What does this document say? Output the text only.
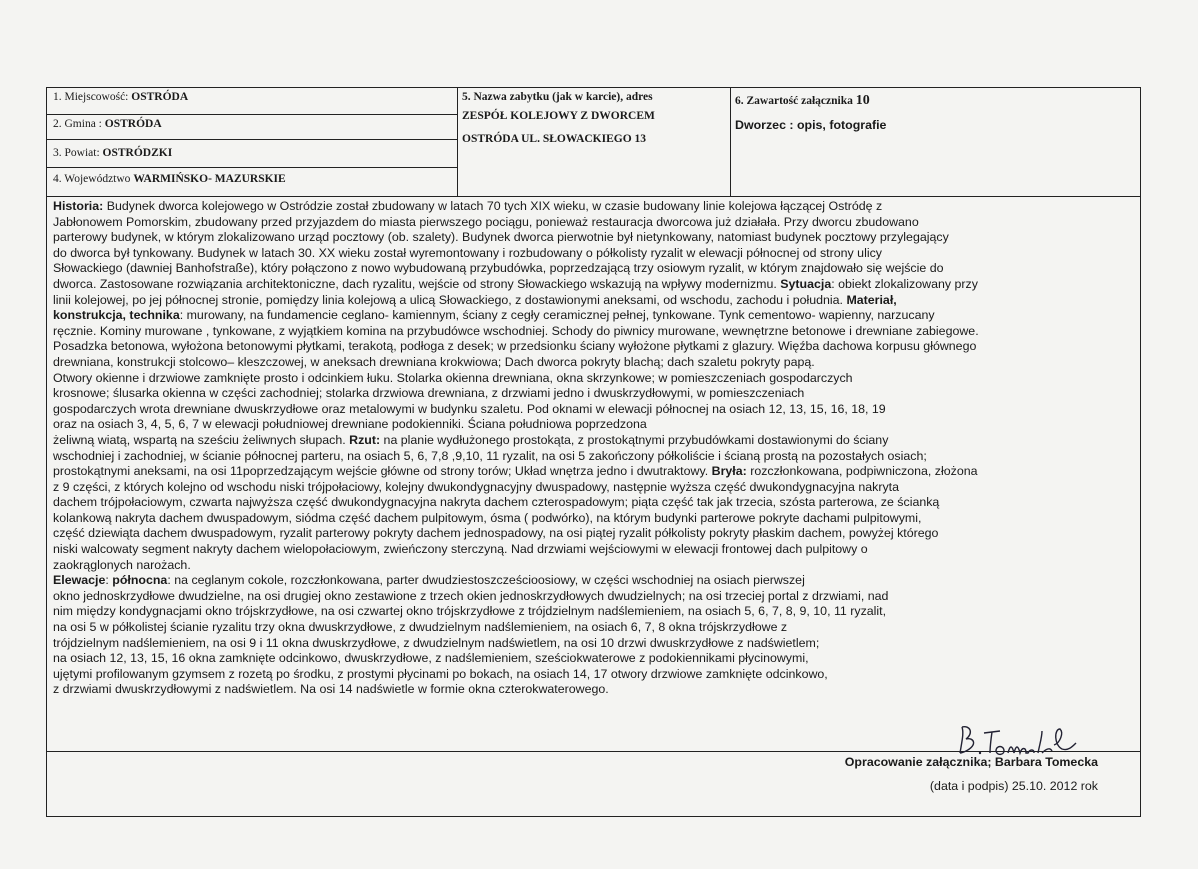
1. Miejscowość: OSTRÓDA
2. Gmina : OSTRÓDA
3. Powiat: OSTRÓDZKI
4. Województwo WARMIŃSKO- MAZURSKIE
5. Nazwa zabytku (jak w karcie), adres
ZESPÓŁ KOLEJOWY Z DWORCEM
OSTRÓDA UL. SŁOWACKIEGO 13
6. Zawartość załącznika 10
Dworzec : opis, fotografie

Historia: Budynek dworca kolejowego w Ostródzie został zbudowany w latach 70 tych XIX wieku, w czasie budowany linie kolejowa łączącej Ostródę z

Jabłonowem Pomorskim, zbudowany przed przyjazdem do miasta pierwszego pociągu, ponieważ restauracja dworcowa już działała. Przy dworcu zbudowano

parterowy budynek, w którym zlokalizowano urząd pocztowy (ob. szalety). Budynek dworca pierwotnie był nietynkowany, natomiast budynek pocztowy przylegający

do dworca był tynkowany. Budynek w latach 30. XX wieku został wyremontowany i rozbudowany o półkolisty ryzalit w elewacji północnej od strony ulicy

Słowackiego (dawniej Banhofstraße), który połączono z nowo wybudowaną przybudówka, poprzedzającą trzy osiowym ryzalit, w którym znajdowało się wejście do

dworca. Zastosowane rozwiązania architektoniczne, dach ryzalitu, wejście od strony Słowackiego wskazują na wpływy modernizmu. Sytuacja: obiekt zlokalizowany przy

linii kolejowej, po jej północnej stronie, pomiędzy linia kolejową a ulicą Słowackiego, z dostawionymi aneksami, od wschodu, zachodu i południa. Materiał,

konstrukcja, technika: murowany, na fundamencie ceglano- kamiennym, ściany z cegły ceramicznej pełnej, tynkowane. Tynk cementowo- wapienny, narzucany

ręcznie. Kominy murowane , tynkowane, z wyjątkiem komina na przybudówce wschodniej. Schody do piwnicy murowane, wewnętrzne betonowe i drewniane zabiegowe.

Posadzka betonowa, wyłożona betonowymi płytkami, terakotą, podłoga z desek; w przedsionku ściany wyłożone płytkami z glazury. Więźba dachowa korpusu głównego

drewniana, konstrukcji stolcowo– kleszczowej, w aneksach drewniana krokwiowa; Dach dworca pokryty blachą; dach szaletu pokryty papą.

Otwory okienne i drzwiowe zamknięte prosto i odcinkiem łuku. Stolarka okienna drewniana, okna skrzynkowe; w pomieszczeniach gospodarczych

krosnowe; ślusarka okienna w części zachodniej; stolarka drzwiowa drewniana, z drzwiami jedno i dwuskrzydłowymi, w pomieszczeniach

gospodarczych wrota drewniane dwuskrzydłowe oraz metalowymi w budynku szaletu. Pod oknami w elewacji północnej na osiach 12, 13, 15, 16, 18, 19

oraz na osiach 3, 4, 5, 6, 7 w elewacji południowej drewniane podokienniki. Ściana południowa poprzedzona

żeliwną wiatą, wspartą na sześciu żeliwnych słupach. Rzut: na planie wydłużonego prostokąta, z prostokątnymi przybudówkami dostawionymi do ściany

wschodniej i zachodniej, w ścianie północnej parteru, na osiach 5, 6, 7,8 ,9,10, 11 ryzalit, na osi 5 zakończony półkoliście i ścianą prostą na pozostałych osiach;

prostokątnymi aneksami, na osi 11poprzedzającym wejście główne od strony torów; Układ wnętrza jedno i dwutraktowy. Bryła: rozczłonkowana, podpiwniczona, złożona

z 9 części, z których kolejno od wschodu niski trójpołaciowy, kolejny dwukondygnacyjny dwuspadowy, następnie wyższa część dwukondygnacyjna nakryta

dachem trójpołaciowym, czwarta najwyższa część dwukondygnacyjna nakryta dachem czterospadowym; piąta część tak jak trzecia, szósta parterowa, ze ścianką

kolankową nakryta dachem dwuspadowym, siódma część dachem pulpitowym, ósma ( podwórko), na którym budynki parterowe pokryte dachami pulpitowymi,

część dziewiąta dachem dwuspadowym, ryzalit parterowy pokryty dachem jednospadowy, na osi piątej ryzalit półkolisty pokryty płaskim dachem, powyżej którego

niski walcowaty segment nakryty dachem wielopołaciowym, zwieńczony sterczyną. Nad drzwiami wejściowymi w elewacji frontowej dach pulpitowy o

zaokrąglonych narożach.

Elewacje: północna: na ceglanym cokole, rozczłonkowana, parter dwudziestoszcześcioosiowy, w części wschodniej na osiach pierwszej

okno jednoskrzydłowe dwudzielne, na osi drugiej okno zestawione z trzech okien jednoskrzydłowych dwudzielnych; na osi trzeciej portal z drzwiami, nad

nim między kondygnacjami okno trójskrzydłowe, na osi czwartej okno trójskrzydłowe z trójdzielnym nadślemieniem, na osiach 5, 6, 7, 8, 9, 10, 11 ryzalit,

na osi 5 w półkolistej ścianie ryzalitu trzy okna dwuskrzydłowe, z dwudzielnym nadślemieniem, na osiach 6, 7, 8 okna trójskrzydłowe z

trójdzielnym nadślemieniem, na osi 9 i 11 okna dwuskrzydłowe, z dwudzielnym nadświetlem, na osi 10 drzwi dwuskrzydłowe z nadświetlem;

na osiach 12, 13, 15, 16 okna zamknięte odcinkowo, dwuskrzydłowe, z nadślemieniem, sześciokwaterowe z podokiennikami płycinowymi,

ujętymi profilowanym gzymsem z rozetą po środku, z prostymi płycinami po bokach, na osiach 14, 17 otwory drzwiowe zamknięte odcinkowo,

z drzwiami dwuskrzydłowymi z nadświetlem. Na osi 14 nadświetle w formie okna czterokwaterowego.

Opracowanie załącznika; Barbara Tomecka
(data i podpis) 25.10. 2012 rok
